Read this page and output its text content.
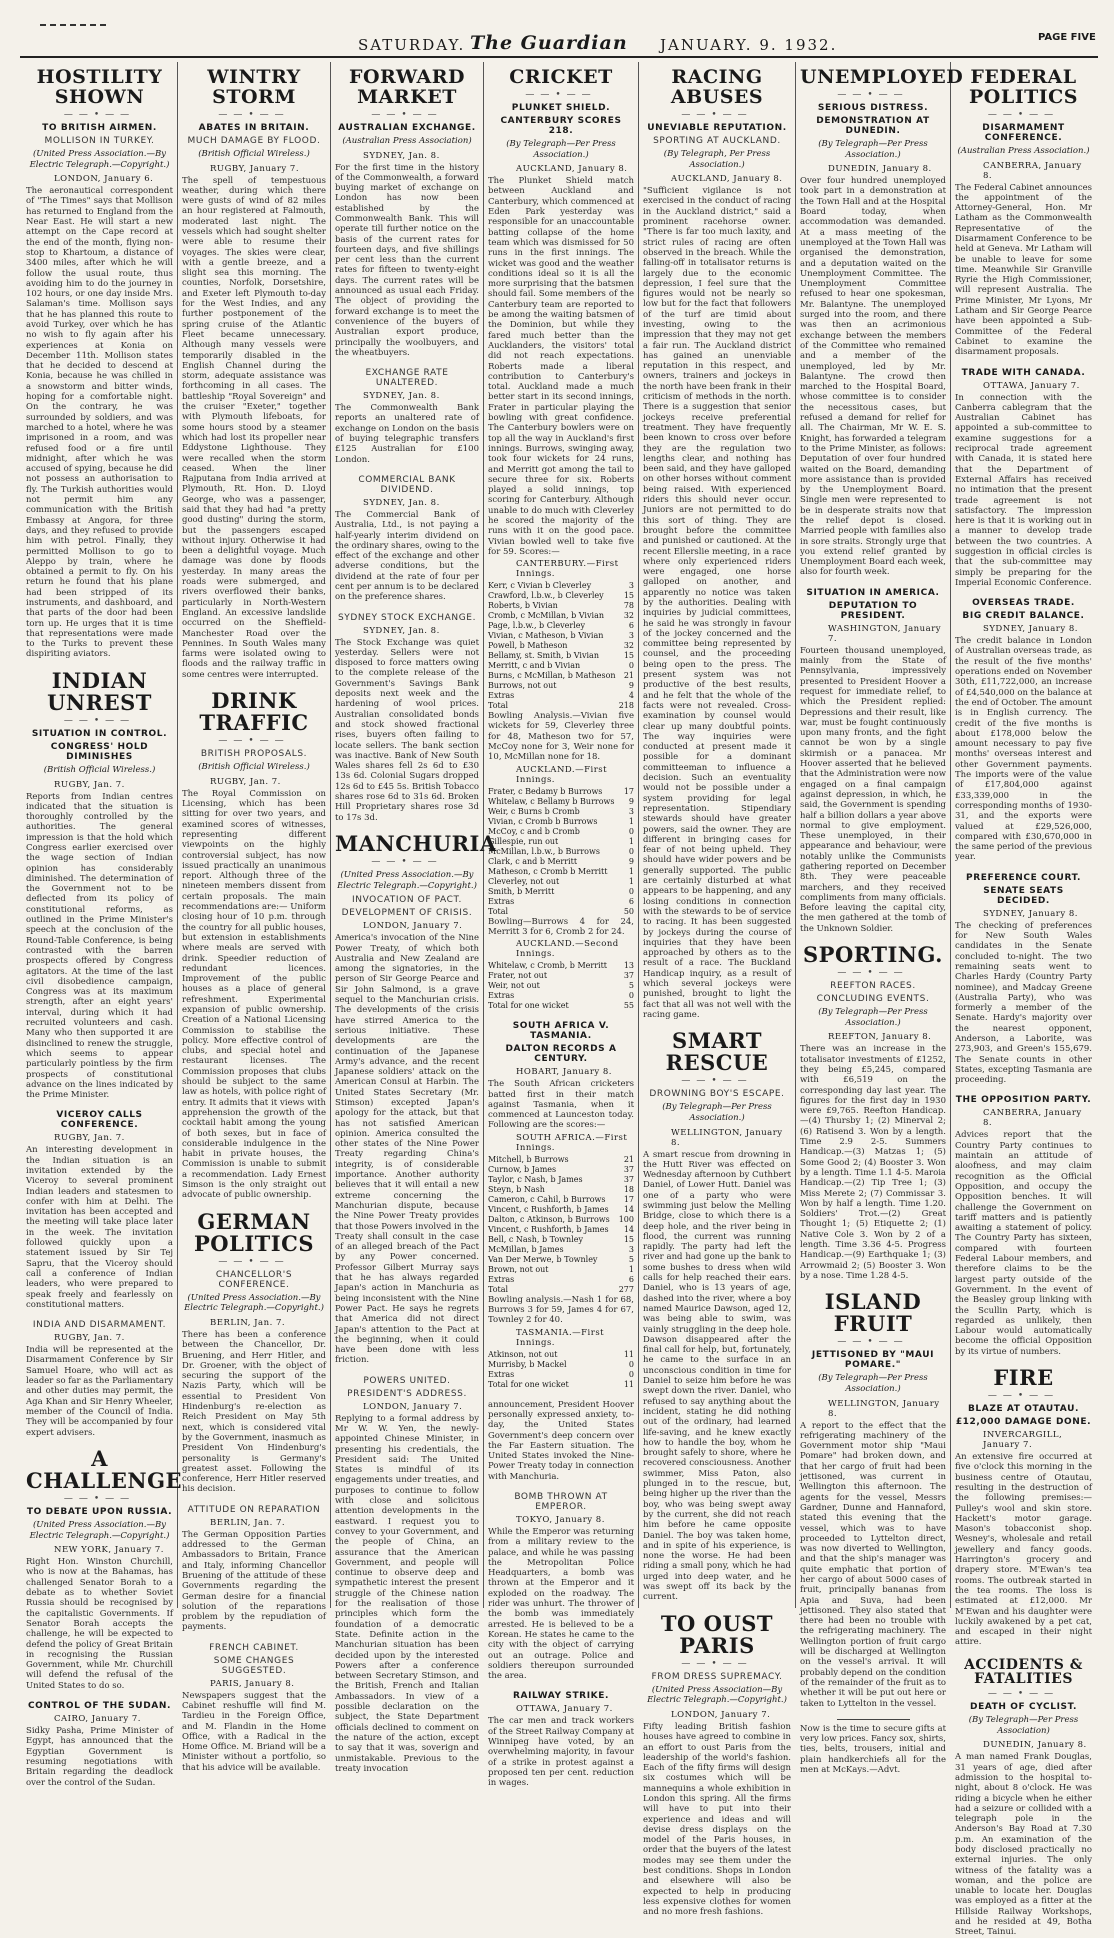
SATURDAY. The Guardian JANUARY. 9. 1932.	PAGE FIVE
HOSTILITY SHOWN
——•——
TO BRITISH AIRMEN.
MOLLISON IN TURKEY.
(United Press Association.—By Electric Telegraph.—Copyright.)
LONDON, January 6.

The aeronautical correspondent of "The Times" says that Mollison has returned to England from the Near East. He will start a new attempt on the Cape record at the end of the month, flying non-stop to Khartoum, a distance of 3400 miles, after which he will follow the usual route, thus avoiding him to do the journey in 102 hours, or one day inside Mrs. Salaman's time. Mollison says that he has planned this route to avoid Turkey, over which he has no wish to fly again after his experiences at Konia on December 11th. Mollison states that he decided to descend at Konia, because he was chilled in a snowstorm and bitter winds, hoping for a comfortable night. On the contrary, he was surrounded by soldiers, and was marched to a hotel, where he was imprisoned in a room, and was refused food or a fire until midnight, after which he was accused of spying, because he did not possess an authorisation to fly. The Turkish authorities would not permit him any communication with the British Embassy at Angora, for three days, and they refused to provide him with petrol. Finally, they permitted Mollison to go to Aleppo by train, where he obtained a permit to fly. On his return he found that his plane had been stripped of its instruments, and dashboard, and that parts of the door had been torn up. He urges that it is time that representations were made to the Turks to prevent these dispiriting aviators.

INDIAN UNREST
——•——
SITUATION IN CONTROL.
CONGRESS' HOLD DIMINISHES
(British Official Wireless.)
RUGBY, Jan. 7.

Reports from Indian centres indicated that the situation is thoroughly controlled by the authorities. The general impression is that the hold which Congress earlier exercised over the wage section of Indian opinion has considerably diminished. The determination of the Government not to be deflected from its policy of constitutional reforms, as outlined in the Prime Minister's speech at the conclusion of the Round-Table Conference, is being contrasted with the barren prospects offered by Congress agitators. At the time of the last civil disobedience campaign, Congress was at its maximum strength, after an eight years' interval, during which it had recruited volunteers and cash. Many who then supported it are disinclined to renew the struggle, which seems to appear particularly pointless by the firm prospects of constitutional advance on the lines indicated by the Prime Minister.

VICEROY CALLS CONFERENCE.
RUGBY, Jan. 7.

An interesting development in the Indian situation is an invitation extended by the Viceroy to several prominent Indian leaders and statesmen to confer with him at Delhi. The invitation has been accepted and the meeting will take place later in the week. The invitation followed quickly upon a statement issued by Sir Tej Sapru, that the Viceroy should call a conference of Indian leaders, who were prepared to speak freely and fearlessly on constitutional matters.

INDIA AND DISARMAMENT.
RUGBY, Jan. 7.

India will be represented at the Disarmament Conference by Sir Samuel Hoare, who will act as leader so far as the Parliamentary and other duties may permit, the Aga Khan and Sir Henry Wheeler, member of the Council of India. They will be accompanied by four expert advisers.

A CHALLENGE
——•——
TO DEBATE UPON RUSSIA.
(United Press Association.—By Electric Telegraph.—Copyright.)
NEW YORK, January 7.

Right Hon. Winston Churchill, who is now at the Bahamas, has challenged Senator Borah to a debate as to whether Soviet Russia should be recognised by the capitalistic Governments. If Senator Borah accepts the challenge, he will be expected to defend the policy of Great Britain in recognising the Russian Government, while Mr. Churchill will defend the refusal of the United States to do so.

CONTROL OF THE SUDAN.
CAIRO, January 7.

Sidky Pasha, Prime Minister of Egypt, has announced that the Egyptian Government is resuming negotiations with Britain regarding the deadlock over the control of the Sudan.

WINTRY STORM
——•——
ABATES IN BRITAIN.
MUCH DAMAGE BY FLOOD.
(British Official Wireless.)
RUGBY, January 7.

The spell of tempestuous weather, during which there were gusts of wind of 82 miles an hour registered at Falmouth, moderated last night. The vessels which had sought shelter were able to resume their voyages. The skies were clear, with a gentle breeze, and a slight sea this morning. The counties, Norfolk, Dorsetshire, and Exeter left Plymouth to-day for the West Indies, and any further postponement of the spring cruise of the Atlantic Fleet became unnecessary. Although many vessels were temporarily disabled in the English Channel during the storm, adequate assistance was forthcoming in all cases. The battleship "Royal Sovereign" and the cruiser "Exeter," together with Plymouth lifeboats, for some hours stood by a steamer which had lost its propeller near Eddystone Lighthouse. They were recalled when the storm ceased. When the liner Rajputana from India arrived at Plymouth, Rt. Hon. D. Lloyd George, who was a passenger, said that they had had "a pretty good dusting" during the storm, but the passengers escaped without injury. Otherwise it had been a delightful voyage. Much damage was done by floods yesterday. In many areas the roads were submerged, and rivers overflowed their banks, particularly in North-Western England. An excessive landslide occurred on the Sheffield-Manchester Road over the Pennines. In South Wales many farms were isolated owing to floods and the railway traffic in some centres were interrupted.

DRINK TRAFFIC
——•——
BRITISH PROPOSALS.
(British Official Wireless.)
RUGBY, Jan. 7.

The Royal Commission on Licensing, which has been sitting for over two years, and examined scores of witnesses, representing different viewpoints on the highly controversial subject, has now issued practically an unanimous report. Although three of the nineteen members dissent from certain proposals. The main recommendations are:— Uniform closing hour of 10 p.m. through the country for all public houses, but extension in establishments where meals are served with drink. Speedier reduction of redundant licences. Improvement of the public houses as a place of general refreshment. Experimental expansion of public ownership. Creation of a National Licensing Commission to stabilise the policy. More effective control of clubs, and special hotel and restaurant licenses. The Commission proposes that clubs should be subject to the same law as hotels, with police right of entry. It admits that it views with apprehension the growth of the cocktail habit among the young of both sexes, but in face of considerable indulgence in the habit in private houses, the Commission is unable to submit a recommendation. Lady Ernest Simson is the only straight out advocate of public ownership.

GERMAN POLITICS
——•——
CHANCELLOR'S CONFERENCE.
(United Press Association.—By Electric Telegraph.—Copyright.)
BERLIN, Jan. 7.

There has been a conference between the Chancellor, Dr. Bruening, and Herr Hitler, and Dr. Groener, with the object of securing the support of the Nazis Party, which will be essential to President Von Hindenburg's re-election as Reich President on May 5th next, which is considered vital by the Government, inasmuch as President Von Hindenburg's personality is Germany's greatest asset. Following the conference, Herr Hitler reserved his decision.

ATTITUDE ON REPARATION
BERLIN, Jan. 7.

The German Opposition Parties addressed to the German Ambassadors to Britain, France and Italy, informing Chancellor Bruening of the attitude of these Governments regarding the German desire for a financial solution of the reparations problem by the repudiation of payments.

FRENCH CABINET.
SOME CHANGES SUGGESTED.
PARIS, January 8.

Newspapers suggest that the Cabinet reshuffle will find M. Tardieu in the Foreign Office, and M. Flandin in the Home Office, with a Radical in the Home Office. M. Briand will be a Minister without a portfolio, so that his advice will be available.

FORWARD MARKET
——•——
AUSTRALIAN EXCHANGE.
(Australian Press Association)
SYDNEY, Jan. 8.

For the first time in the history of the Commonwealth, a forward buying market of exchange on London has now been established by the Commonwealth Bank. This will operate till further notice on the basis of the current rates for fourteen days, and five shillings per cent less than the current rates for fifteen to twenty-eight days. The current rates will be announced as usual each Friday. The object of providing the forward exchange is to meet the convenience of the buyers of Australian export produce, principally the woolbuyers, and the wheatbuyers.

EXCHANGE RATE UNALTERED.
SYDNEY, Jan. 8.

The Commonwealth Bank reports an unaltered rate of exchange on London on the basis of buying telegraphic transfers £125 Australian for £100 London.

COMMERCIAL BANK DIVIDEND.
SYDNEY, Jan. 8.

The Commercial Bank of Australia, Ltd., is not paying a half-yearly interim dividend on the ordinary shares, owing to the effect of the exchange and other adverse conditions, but the dividend at the rate of four per cent per annum is to be declared on the preference shares.

SYDNEY STOCK EXCHANGE.
SYDNEY, Jan. 8.

The Stock Exchange was quiet yesterday. Sellers were not disposed to force matters owing to the complete release of the Government's Savings Bank deposits next week and the hardening of wool prices. Australian consolidated bonds and stock showed fractional rises, buyers often failing to locate sellers. The bank section was inactive. Bank of New South Wales shares fell 2s 6d to £30 13s 6d. Colonial Sugars dropped 12s 6d to £45 5s. British Tobacco shares rose 6d to 31s 6d. Broken Hill Proprietary shares rose 3d to 17s 3d.

MANCHURIA
——•——
(United Press Association.—By Electric Telegraph.—Copyright.)
INVOCATION OF PACT.
DEVELOPMENT OF CRISIS.
LONDON, January 7.

America's invocation of the Nine Power Treaty, of which both Australia and New Zealand are among the signatories, in the person of Sir George Pearce and Sir John Salmond, is a grave sequel to the Manchurian crisis. The developments of the crisis have stirred America to the serious initiative. These developments are the continuation of the Japanese Army's advance, and the recent Japanese soldiers' attack on the American Consul at Harbin. The United States Secretary (Mr. Stimson) excepted Japan's apology for the attack, but that has not satisfied American opinion. America consulted the other states of the Nine Power Treaty regarding China's integrity, is of considerable importance. Another authority believes that it will entail a new extreme concerning the Manchurian dispute, because the Nine Power Treaty provides that those Powers involved in the Treaty shall consult in the case of an alleged breach of the Pact by any Power concerned. Professor Gilbert Murray says that he has always regarded Japan's action in Manchuria as being inconsistent with the Nine Power Pact. He says he regrets that America did not direct Japan's attention to the Pact at the beginning, when it could have been done with less friction.

POWERS UNITED.
PRESIDENT'S ADDRESS.
LONDON, January 7.

Replying to a formal address by Mr W. W. Yen, the newly-appointed Chinese Minister, in presenting his credentials, the President said: The United States is mindful of its engagements under treaties, and purposes to continue to follow with close and solicitous attention developments in the eastward. I request you to convey to your Government, and the people of China, an assurance that the American Government, and people will continue to observe deep and sympathetic interest the present struggle of the Chinese nation for the realisation of those principles which form the foundation of a democratic State. Definite action in the Manchurian situation has been decided upon by the interested Powers after a conference between Secretary Stimson, and the British, French and Italian Ambassadors. In view of a possible declaration on the subject, the State Department officials declined to comment on the nature of the action, except to say that it was, soverign and unmistakable. Previous to the treaty invocation

CRICKET
——•——
PLUNKET SHIELD.
CANTERBURY SCORES 218.
(By Telegraph—Per Press Association.)
AUCKLAND, January 8.

The Plunket Shield match between Auckland and Canterbury, which commenced at Eden Park yesterday was responsible for an unaccountable batting collapse of the home team which was dismissed for 50 runs in the first innings. The wicket was good and the weather conditions ideal so it is all the more surprising that the batsmen should fail. Some members of the Canterbury team are reported to be among the waiting batsmen of the Dominion, but while they fared much better than the Aucklanders, the visitors' total did not reach expectations. Roberts made a liberal contribution to Canterbury's total. Auckland made a much better start in its second innings, Frater in particular playing the bowling with great confidence. The Canterbury bowlers were on top all the way in Auckland's first innings. Burrows, swinging away, took four wickets for 24 runs, and Merritt got among the tail to secure three for six. Roberts played a solid innings, top scoring for Canterbury. Although unable to do much with Cleverley he scored the majority of the runs with it on the good pace. Vivian bowled well to take five for 59. Scores:—

CANTERBURY.—First Innings.
Kerr, c Vivian b Cleverley	3
Crawford, l.b.w., b Cleverley	15
Roberts, b Vivian	78
Cromb, c McMillan, b Vivian 32
Page, l.b.w., b Cleverley	6
Vivian, c Matheson, b Vivian	3
Powell, b Matheson	32
Bellamy, st. Smith, b Vivian	15
Merritt, c and b Vivian	0
Burns, c McMillan, b Matheson 21
Burrows, not out	9
Extras	4
Total	218

Bowling Analysis.—Vivian five wickets for 59, Cleverley three for 48, Matheson two for 57, McCoy none for 3, Weir none for 10, McMillan none for 18.

AUCKLAND.—First Innings.
Frater, c Bedamy b Burrows	17
Whitelaw, c Bellamy b Burrows 9
Weir, c Burns b Cromb	3
Vivian, c Cromb b Burrows	1
McCoy, c and b Cromb	0
Gillespie, run out	1
McMillan, l.b.w., b Burrows	0
Clark, c and b Merritt	9
Matheson, c Cromb b Merritt	1
Cleverley, not out	1
Smith, b Merritt	0
Extras	6
Total	50

Bowling—Burrows 4 for 24, Merritt 3 for 6, Cromb 2 for 24.

AUCKLAND.—Second Innings.
Whitelaw, c Cromb, b Merritt 13
Frater, not out	37
Weir, not out	5
Extras	0
Total for one wicket	55
SOUTH AFRICA V. TASMANIA.
DALTON RECORDS A CENTURY.
HOBART, January 8.

The South African cricketers batted first in their match against Tasmania, when it commenced at Launceston today. Following are the scores:—

SOUTH AFRICA.—First Innings.
Mitchell, b Burrows	21
Curnow, b James	37
Taylor, c Nash, b James	37
Steyn, b Nash	18
Cameron, c Cahil, b Burrows 17
Vincent, c Rushforth, b James 14
Dalton, c Atkinson, b Burrows 100
Vincent, c Rushforth, b James 14
Bell, c Nash, b Townley	15
McMillan, b James	3
Van Der Merwe, b Townley	5
Brown, not out	1
Extras	6
Total	277

Bowling analysis.—Nash 1 for 68, Burrows 3 for 59, James 4 for 67, Townley 2 for 40.

TASMANIA.—First Innings.
Atkinson, not out	11
Murrisby, b Mackel	0
Extras	0
Total for one wicket	11

announcement, President Hoover personally expressed anxiety, to-day, the United States Government's deep concern over the Far Eastern situation. The United States invoked the Nine-Power Treaty today in connection with Manchuria.

BOMB THROWN AT EMPEROR.
TOKYO, January 8.

While the Emperor was returning from a military review to the palace, and while he was passing the Metropolitan Police Headquarters, a bomb was thrown at the Emperor and it exploded on the roadway. The rider was unhurt. The thrower of the bomb was immediately arrested. He is believed to be a Korean. He states he came to the city with the object of carrying out an outrage. Police and soldiers thereupon surrounded the area.

RAILWAY STRIKE.
OTTAWA, January 7.

The car men and track workers of the Street Railway Company at Winnipeg have voted, by an overwhelming majority, in favour of a strike in protest against a proposed ten per cent. reduction in wages.

RACING ABUSES
——•——
UNEVIABLE REPUTATION.
SPORTING AT AUCKLAND.
(By Telegraph, Per Press Association.)
AUCKLAND, January 8.

"Sufficient vigilance is not exercised in the conduct of racing in the Auckland district," said a prominent racehorse owner. "There is far too much laxity, and strict rules of racing are often observed in the breach. While the falling-off in totalisator returns is largely due to the economic depression, I feel sure that the figures would not be nearly so low but for the fact that followers of the turf are timid about investing, owing to the impression that they may not get a fair run. The Auckland district has gained an unenviable reputation in this respect, and owners, trainers and jockeys in the north have been frank in their criticism of methods in the north. There is a suggestion that senior jockeys receive preferential treatment. They have frequently been known to cross over before they are the regulation two lengths clear, and nothing has been said, and they have galloped on other horses without comment being raised. With experienced riders this should never occur. Juniors are not permitted to do this sort of thing. They are brought before the committee and punished or cautioned. At the recent Ellerslie meeting, in a race where only experienced riders were engaged, one horse galloped on another, and apparently no notice was taken by the authorities. Dealing with inquiries by judicial committees, he said he was strongly in favour of the jockey concerned and the committee being represented by counsel, and the proceeding being open to the press. The present system was not productive of the best results, and he felt that the whole of the facts were not revealed. Cross-examination by counsel would clear up many doubtful points. The way inquiries were conducted at present made it possible for a dominant committeeman to influence a decision. Such an eventuality would not be possible under a system providing for legal representation. Stipendiary stewards should have greater powers, said the owner. They are different in bringing cases for fear of not being upheld. They should have wider powers and be generally supported. The public are certainly disturbed at what appears to be happening, and any losing conditions in connection with the stewards to be of service to racing. It has been suggested by jockeys during the course of inquiries that they have been approached by others as to the result of a race. The Buckland Handicap inquiry, as a result of which several jockeys were punished, brought to light the fact that all was not well with the racing game.

SMART RESCUE
——•——
DROWNING BOY'S ESCAPE.
(By Telegraph—Per Press Association.)
WELLINGTON, January 8.

A smart rescue from drowning in the Hutt River was effected on Wednesday afternoon by Cuthbert Daniel, of Lower Hutt. Daniel was one of a party who were swimming just below the Melling Bridge, close to which there is a deep hole, and the river being in flood, the current was running rapidly. The party had left the river and had gone up the bank to some bushes to dress when wild calls for help reached their ears. Daniel, who is 13 years of age, dashed into the river, where a boy named Maurice Dawson, aged 12, was being able to swim, was vainly struggling in the deep hole. Dawson disappeared after the final call for help, but, fortunately, he came to the surface in an unconscious condition in time for Daniel to seize him before he was swept down the river. Daniel, who refused to say anything about the incident, stating he did nothing out of the ordinary, had learned life-saving, and he knew exactly how to handle the boy, whom he brought safely to shore, where he recovered consciousness. Another swimmer, Miss Paton, also plunged in to the rescue, but, being higher up the river than the boy, who was being swept away by the current, she did not reach him before he came opposite Daniel. The boy was taken home, and in spite of his experience, is none the worse. He had been riding a small pony, which he had urged into deep water, and he was swept off its back by the current.

TO OUST PARIS
——•——
FROM DRESS SUPREMACY.
(United Press Association—By Electric Telegraph.—Copyright.)
LONDON, January 7.

Fifty leading British fashion houses have agreed to combine in an effort to oust Paris from the leadership of the world's fashion. Each of the fifty firms will design six costumes which will be mannequins a whole exhibition in London this spring. All the firms will have to put into their experience and ideas and will devise dress displays on the model of the Paris houses, in order that the buyers of the latest modes may see them under the best conditions. Shops in London and elsewhere will also be expected to help in producing less expensive clothes for women and no more fresh fashions.

UNEMPLOYED
——•——
SERIOUS DISTRESS.
DEMONSTRATION AT DUNEDIN.
(By Telegraph—Per Press Association.)
DUNEDIN, January 8.

Over four hundred unemployed took part in a demonstration at the Town Hall and at the Hospital Board today, when accommodation was demanded. At a mass meeting of the unemployed at the Town Hall was organised the demonstration, and a deputation waited on the Unemployment Committee. The Unemployment Committee refused to hear one spokesman, Mr. Balantyne. The unemployed surged into the room, and there was then an acrimonious exchange between the members of the Committee who remained and a member of the unemployed, led by Mr. Balantyne. The crowd then marched to the Hospital Board, whose committee is to consider the necessitous cases, but refused a demand for relief for all. The Chairman, Mr W. E. S. Knight, has forwarded a telegram to the Prime Minister, as follows: Deputation of over four hundred waited on the Board, demanding more assistance than is provided by the Unemployment Board. Single men were represented to be in desperate straits now that the relief depot is closed. Married people with families also in sore straits. Strongly urge that you extend relief granted by Unemployment Board each week, also for fourth week.

SITUATION IN AMERICA.
DEPUTATION TO PRESIDENT.
WASHINGTON, January 7.

Fourteen thousand unemployed, mainly from the State of Pennsylvania, impressively presented to President Hoover a request for immediate relief, to which the President replied: Depressions and their result, like war, must be fought continuously upon many fronts, and the fight cannot be won by a single skirmish or a panacea. Mr Hoover asserted that he believed that the Administration were now engaged on a final campaign against depression, in which, he said, the Government is spending half a billion dollars a year above normal to give employment. These unemployed, in their appearance and behaviour, were notably unlike the Communists gathering reported on December 8th. They were peaceable marchers, and they received compliments from many officials. Before leaving the capital city, the men gathered at the tomb of the Unknown Soldier.

SPORTING.
——•——
REEFTON RACES.
CONCLUDING EVENTS.
(By Telegraph—Per Press Association.)
REEFTON, January 8.

There was an increase in the totalisator investments of £1252, they being £5,245, compared with £6,519 on the corresponding day last year. The figures for the first day in 1930 were £9,765. Reefton Handicap.—(4) Thursby 1; (2) Minerval 2; (6) Ratisend 3. Won by a length. Time 2.9 2-5. Summers Handicap.—(3) Matzas 1; (5) Some Good 2; (4) Booster 3. Won by a length. Time 1.1 4-5. Maroia Handicap.—(2) Tip Tree 1; (3) Miss Merete 2; (7) Commissar 3. Won by half a length. Time 1.20. Soldiers' Trot.—(2) Great Thought 1; (5) Etiquette 2; (1) Native Cole 3. Won by 2 of a length. Time 3.36 4-5. Progress Handicap.—(9) Earthquake 1; (3) Arrowmaid 2; (5) Booster 3. Won by a nose. Time 1.28 4-5.

ISLAND FRUIT
——•——
JETTISONED BY "MAUI POMARE."
(By Telegraph—Per Press Association.)
WELLINGTON, January 8.

A report to the effect that the refrigerating machinery of the Government motor ship "Maui Pomare" had broken down, and that her cargo of fruit had been jettisoned, was current in Wellington this afternoon. The agents for the vessel, Messrs Gardner, Dunne and Hannaford, stated this evening that the vessel, which was to have proceeded to Lyttelton direct, was now diverted to Wellington, and that the ship's manager was quite emphatic that portion of her cargo of about 5000 cases of fruit, principally bananas from Apia and Suva, had been jettisoned. They also stated that there had been no trouble with the refrigerating machinery. The Wellington portion of fruit cargo will be discharged at Wellington on the vessel's arrival. It will probably depend on the condition of the remainder of the fruit as to whether it will be put out here or taken to Lyttelton in the vessel.

Now is the time to secure gifts at very low prices. Fancy sox, shirts, ties, belts, trousers, initial and plain handkerchiefs all for the men at McKays.—Advt.

FEDERAL POLITICS
——•——
DISARMAMENT CONFERENCE.
(Australian Press Association.)
CANBERRA, January 8.

The Federal Cabinet announces the appointment of the Attorney-General, Hon. Mr Latham as the Commonwealth Representative of the Disarmament Conference to be held at Geneva. Mr Latham will be unable to leave for some time. Meanwhile Sir Granville Ryrie the High Commissioner, will represent Australia. The Prime Minister, Mr Lyons, Mr Latham and Sir George Pearce have been appointed a Sub-Committee of the Federal Cabinet to examine the disarmament proposals.

TRADE WITH CANADA.
OTTAWA, January 7.

In connection with the Canberra cablegram that the Australian Cabinet has appointed a sub-committee to examine suggestions for a reciprocal trade agreement with Canada, it is stated here that the Department of External Affairs has received no intimation that the present trade agreement is not satisfactory. The impression here is that it is working out in a manner to develop trade between the two countries. A suggestion in official circles is that the sub-committee may simply be preparing for the Imperial Economic Conference.

OVERSEAS TRADE.
BIG CREDIT BALANCE.
SYDNEY, January 8.

The credit balance in London of Australian overseas trade, as the result of the five months' operations ended on November 30th, £11,722,000, an increase of £4,540,000 on the balance at the end of October. The amount is in English currency. The credit of the five months is about £178,000 below the amount necessary to pay five months' overseas interest and other Government payments. The imports were of the value of £17,804,000 against £33,339,000 in the corresponding months of 1930-31, and the exports were valued at £29,526,000, compared with £30,670,000 in the same period of the previous year.

PREFERENCE COURT.
SENATE SEATS DECIDED.
SYDNEY, January 8.

The checking of preferences for New South Wales candidates in the Senate concluded to-night. The two remaining seats went to Charles Hardy (Country Party nominee), and Madcay Greene (Australia Party), who was formerly a member of the Senate. Hardy's majority over the nearest opponent, Anderson, a Laborite, was 273,903, and Green's 155,679. The Senate counts in other States, excepting Tasmania are proceeding.

THE OPPOSITION PARTY.
CANBERRA, January 8.

Advices report that the Country Party continues to maintain an attitude of aloofness, and may claim recognition as the Official Opposition, and occupy the Opposition benches. It will challenge the Government on tariff matters and is patiently awaiting a statement of policy. The Country Party has sixteen, compared with fourteen Federal Labour members, and therefore claims to be the largest party outside of the Government. In the event of the Beasley group linking with the Scullin Party, which is regarded as unlikely, then Labour would automatically become the official Opposition by its virtue of numbers.

FIRE
——•——
BLAZE AT OTAUTAU.
£12,000 DAMAGE DONE.
INVERCARGILL, January 7.

An extensive fire occurred at five o'clock this morning in the business centre of Otautau, resulting in the destruction of the following premises:— Pulley's wool and skin store. Hackett's motor garage. Mason's tobacconist shop. Wesney's, wholesale and retail jewellery and fancy goods. Harrington's grocery and drapery store. M'Ewan's tea rooms. The outbreak started in the tea rooms. The loss is estimated at £12,000. Mr M'Ewan and his daughter were luckily awakened by a pet cat, and escaped in their night attire.

ACCIDENTS & FATALITIES
——•——
DEATH OF CYCLIST.
(By Telegraph—Per Press Association)
DUNEDIN, January 8.

A man named Frank Douglas, 31 years of age, died after admission to the hospital to-night, about 8 o'clock. He was riding a bicycle when he either had a seizure or collided with a telegraph pole in the Anderson's Bay Road at 7.30 p.m. An examination of the body disclosed practically no external injuries. The only witness of the fatality was a woman, and the police are unable to locate her. Douglas was employed as a fitter at the Hillside Railway Workshops, and he resided at 49, Botha Street, Tainui.
